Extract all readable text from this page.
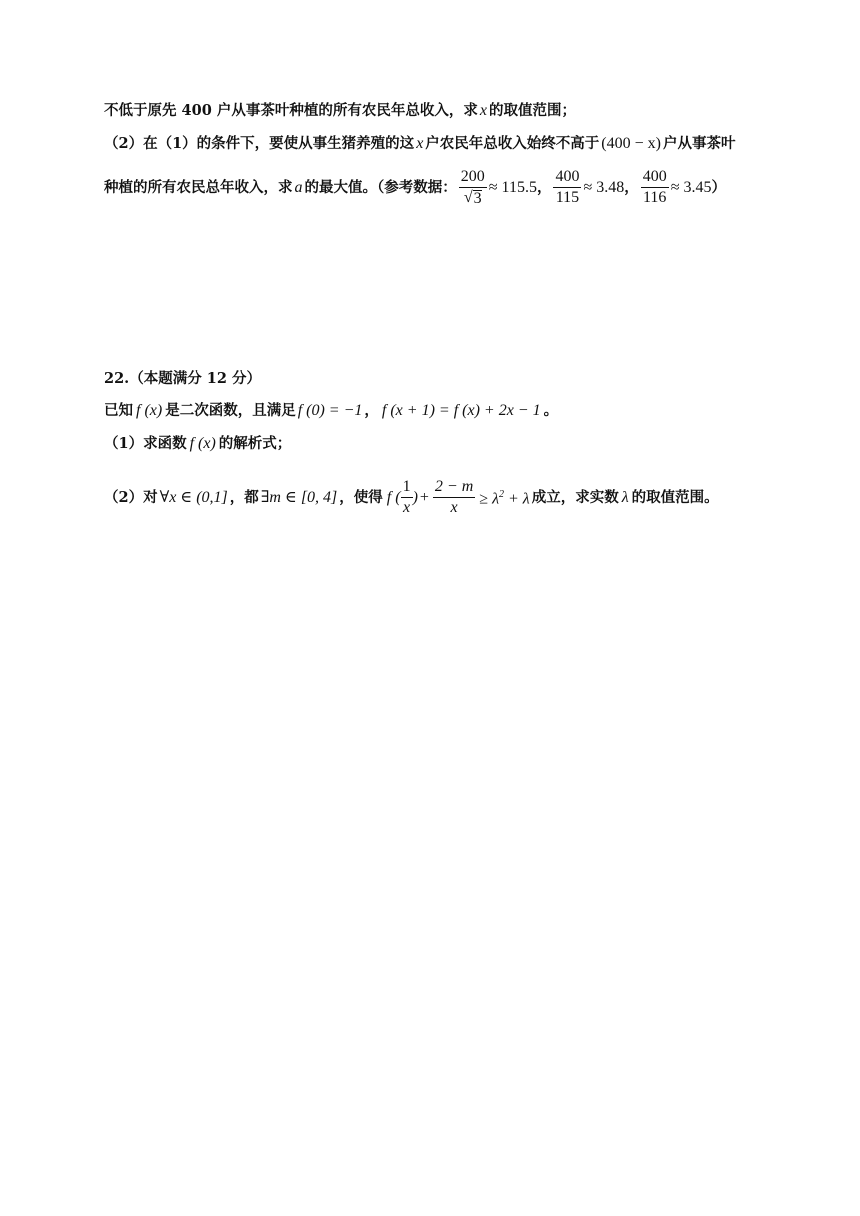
不低于原先 400 户从事茶叶种植的所有农民年总收入，求 x 的取值范围；
（2）在（1）的条件下，要使从事生猪养殖的这 x 户农民年总收入始终不高于 (400 − x) 户从事茶叶
种植的所有农民总年收入，求 a 的最大值。（参考数据： $\frac{200}{√ 3} \approx 115.5$ ， $\frac{400}{115} \approx 3.48$ ， $\frac{400}{116} \approx 3.45$ ）
22.（本题满分 12 分）
已知 f (x) 是二次函数，且满足 f (0) = −1 ， f (x + 1) = f (x) + 2x − 1 。
（1）求函数 f (x) 的解析式；
（2）对 ∀x ∈ (0,1] ，都 ∃m ∈ [0, 4] ，使得 f ( $\frac{1}{x}$ ) + $\frac{2 - m}{x} \ge \lambda^2 + \lambda$ 成立，求实数 λ 的取值范围。
